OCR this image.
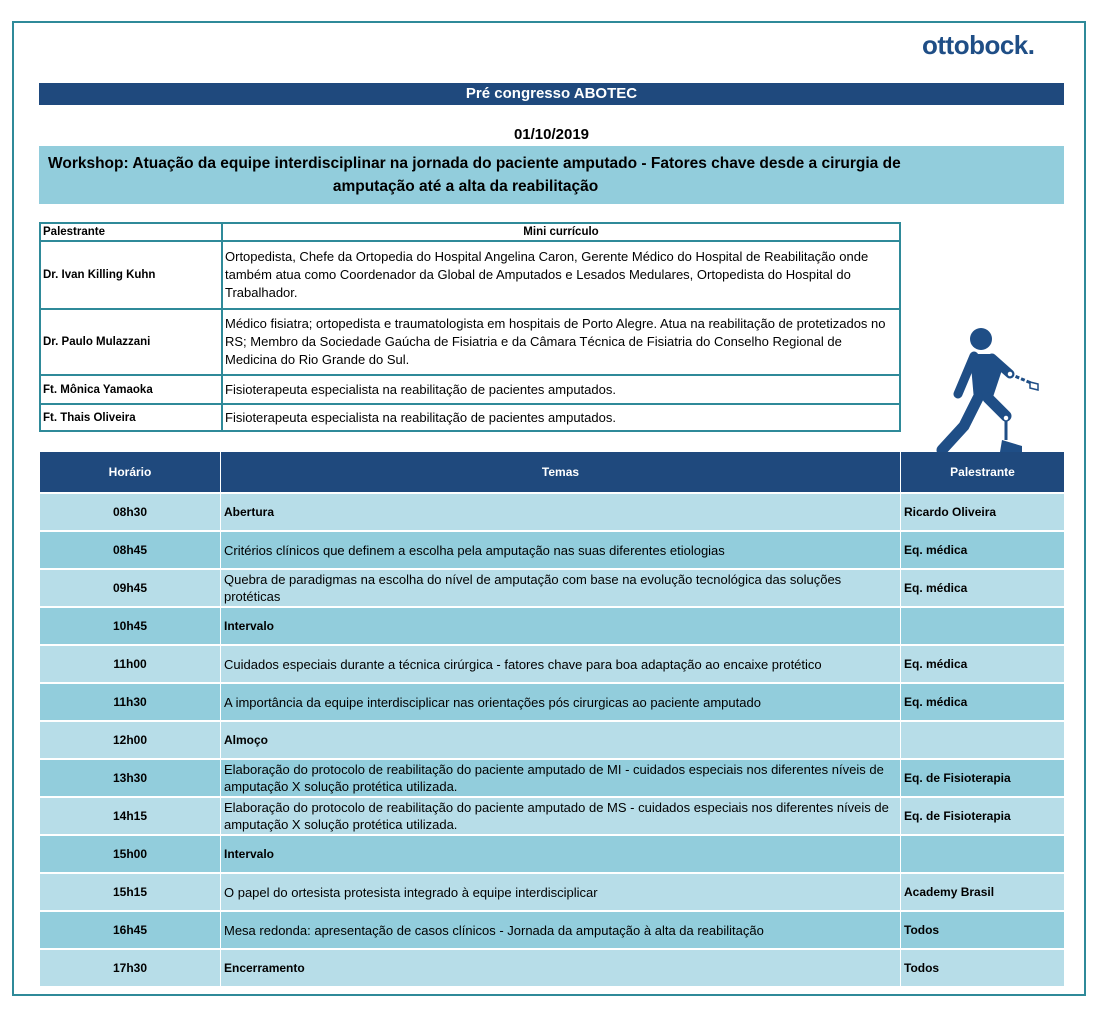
ottobock.
Pré congresso ABOTEC
01/10/2019
Workshop: Atuação da equipe interdisciplinar na jornada do paciente amputado - Fatores chave desde a cirurgia de
amputação até a alta da reabilitação
Palestrante	Mini currículo
Dr. Ivan Killing Kuhn	Ortopedista, Chefe da Ortopedia do Hospital Angelina Caron, Gerente Médico do Hospital de Reabilitação onde também atua como Coordenador da Global de Amputados e Lesados Medulares, Ortopedista do Hospital do Trabalhador.
Dr. Paulo Mulazzani	Médico fisiatra; ortopedista e traumatologista em hospitais de Porto Alegre. Atua na reabilitação de protetizados no RS; Membro da Sociedade Gaúcha de Fisiatria e da Câmara Técnica de Fisiatria do Conselho Regional de Medicina do Rio Grande do Sul.
Ft. Mônica Yamaoka	Fisioterapeuta especialista na reabilitação de pacientes amputados.
Ft. Thais Oliveira	Fisioterapeuta especialista na reabilitação de pacientes amputados.
Horário	Temas	Palestrante
08h30	Abertura	Ricardo Oliveira
08h45	Critérios clínicos que definem a escolha pela amputação nas suas diferentes etiologias	Eq. médica
09h45	Quebra de paradigmas na escolha do nível de amputação com base na evolução tecnológica das soluções protéticas	Eq. médica
10h45	Intervalo	
11h00	Cuidados especiais durante a técnica cirúrgica - fatores chave para boa adaptação ao encaixe protético	Eq. médica
11h30	A importância da equipe interdisciplicar nas orientações pós cirurgicas ao paciente amputado	Eq. médica
12h00	Almoço	
13h30	Elaboração do protocolo de reabilitação do paciente amputado de MI - cuidados especiais nos diferentes níveis de amputação X solução protética utilizada.	Eq. de Fisioterapia
14h15	Elaboração do protocolo de reabilitação do paciente amputado de MS - cuidados especiais nos diferentes níveis de amputação X solução protética utilizada.	Eq. de Fisioterapia
15h00	Intervalo	
15h15	O papel do ortesista protesista integrado à equipe interdisciplicar	Academy Brasil
16h45	Mesa redonda: apresentação de casos clínicos - Jornada da amputação à alta da reabilitação	Todos
17h30	Encerramento	Todos
